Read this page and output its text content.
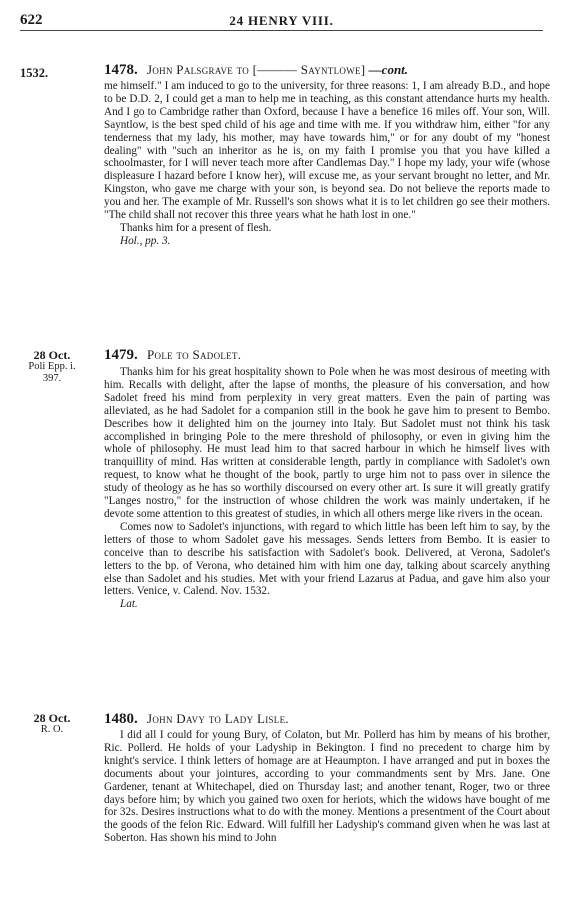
622	24 HENRY VIII.
1532.	1478. John Palsgrave to [——— Sayntlowe] —cont.

me himself." I am induced to go to the university, for three reasons: 1, I am already B.D., and hope to be D.D. 2, I could get a man to help me in teaching, as this constant attendance hurts my health. And I go to Cambridge rather than Oxford, because I have a benefice 16 miles off. Your son, Will. Sayntlow, is the best sped child of his age and time with me. If you withdraw him, either "for any tenderness that my lady, his mother, may have towards him," or for any doubt of my "honest dealing" with "such an inheritor as he is, on my faith I promise you that you have killed a schoolmaster, for I will never teach more after Candlemas Day." I hope my lady, your wife (whose displeasure I hazard before I know her), will excuse me, as your servant brought no letter, and Mr. Kingston, who gave me charge with your son, is beyond sea. Do not believe the reports made to you and her. The example of Mr. Russell's son shows what it is to let children go see their mothers. "The child shall not recover this three years what he hath lost in one."

Thanks him for a present of flesh.

Hol., pp. 3.

28 Oct.
Poli Epp. i. 397.
1479. Pole to Sadolet.

Thanks him for his great hospitality shown to Pole when he was most desirous of meeting with him. Recalls with delight, after the lapse of months, the pleasure of his conversation, and how Sadolet freed his mind from perplexity in very great matters. Even the pain of parting was alleviated, as he had Sadolet for a companion still in the book he gave him to present to Bembo. Describes how it delighted him on the journey into Italy. But Sadolet must not think his task accomplished in bringing Pole to the mere threshold of philosophy, or even in giving him the whole of philosophy. He must lead him to that sacred harbour in which he himself lives with tranquillity of mind. Has written at considerable length, partly in compliance with Sadolet's own request, to know what he thought of the book, partly to urge him not to pass over in silence the study of theology as he has so worthily discoursed on every other art. Is sure it will greatly gratify "Langes nostro," for the instruction of whose children the work was mainly undertaken, if he devote some attention to this greatest of studies, in which all others merge like rivers in the ocean.

Comes now to Sadolet's injunctions, with regard to which little has been left him to say, by the letters of those to whom Sadolet gave his messages. Sends letters from Bembo. It is easier to conceive than to describe his satisfaction with Sadolet's book. Delivered, at Verona, Sadolet's letters to the bp. of Verona, who detained him with him one day, talking about scarcely anything else than Sadolet and his studies. Met with your friend Lazarus at Padua, and gave him also your letters. Venice, v. Calend. Nov. 1532.

Lat.

28 Oct.
R. O.
1480. John Davy to Lady Lisle.

I did all I could for young Bury, of Colaton, but Mr. Pollerd has him by means of his brother, Ric. Pollerd. He holds of your Ladyship in Bekington. I find no precedent to charge him by knight's service. I think letters of homage are at Heaumpton. I have arranged and put in boxes the documents about your jointures, according to your commandments sent by Mrs. Jane. One Gardener, tenant at Whitechapel, died on Thursday last; and another tenant, Roger, two or three days before him; by which you gained two oxen for heriots, which the widows have bought of me for 32s. Desires instructions what to do with the money. Mentions a presentment of the Court about the goods of the felon Ric. Edward. Will fulfill her Ladyship's command given when he was last at Soberton. Has shown his mind to John
